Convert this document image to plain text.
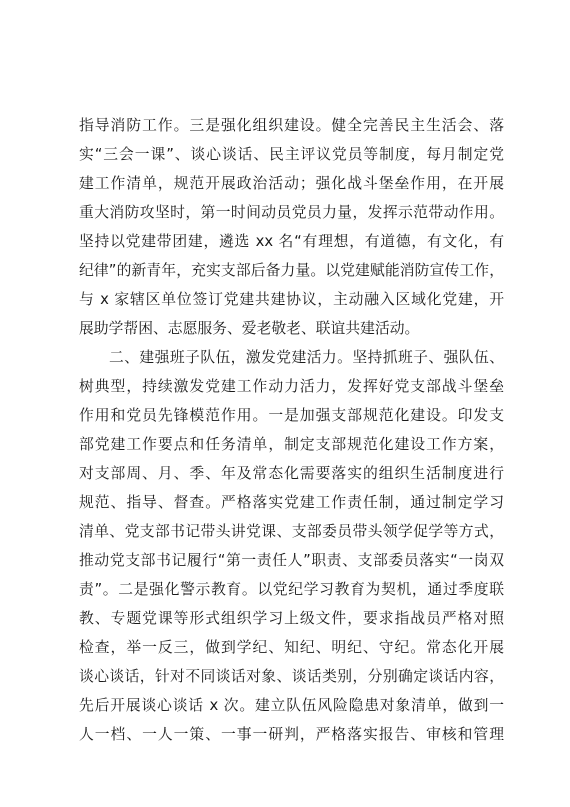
指导消防工作。三是强化组织建设。健全完善民主生活会、落
实“三会一课”、谈心谈话、民主评议党员等制度，每月制定党
建工作清单，规范开展政治活动；强化战斗堡垒作用，在开展
重大消防攻坚时，第一时间动员党员力量，发挥示范带动作用。
坚持以党建带团建，遴选 xx 名“有理想，有道德，有文化，有
纪律”的新青年，充实支部后备力量。以党建赋能消防宣传工作，
与 x 家辖区单位签订党建共建协议，主动融入区域化党建，开
展助学帮困、志愿服务、爱老敬老、联谊共建活动。
二、建强班子队伍，激发党建活力。坚持抓班子、强队伍、
树典型，持续激发党建工作动力活力，发挥好党支部战斗堡垒
作用和党员先锋模范作用。一是加强支部规范化建设。印发支
部党建工作要点和任务清单，制定支部规范化建设工作方案，
对支部周、月、季、年及常态化需要落实的组织生活制度进行
规范、指导、督查。严格落实党建工作责任制，通过制定学习
清单、党支部书记带头讲党课、支部委员带头领学促学等方式，
推动党支部书记履行“第一责任人”职责、支部委员落实“一岗双
责”。二是强化警示教育。以党纪学习教育为契机，通过季度联
教、专题党课等形式组织学习上级文件，要求指战员严格对照
检查，举一反三，做到学纪、知纪、明纪、守纪。常态化开展
谈心谈话，针对不同谈话对象、谈话类别，分别确定谈话内容，
先后开展谈心谈话 x 次。建立队伍风险隐患对象清单，做到一
人一档、一人一策、一事一研判，严格落实报告、审核和管理
